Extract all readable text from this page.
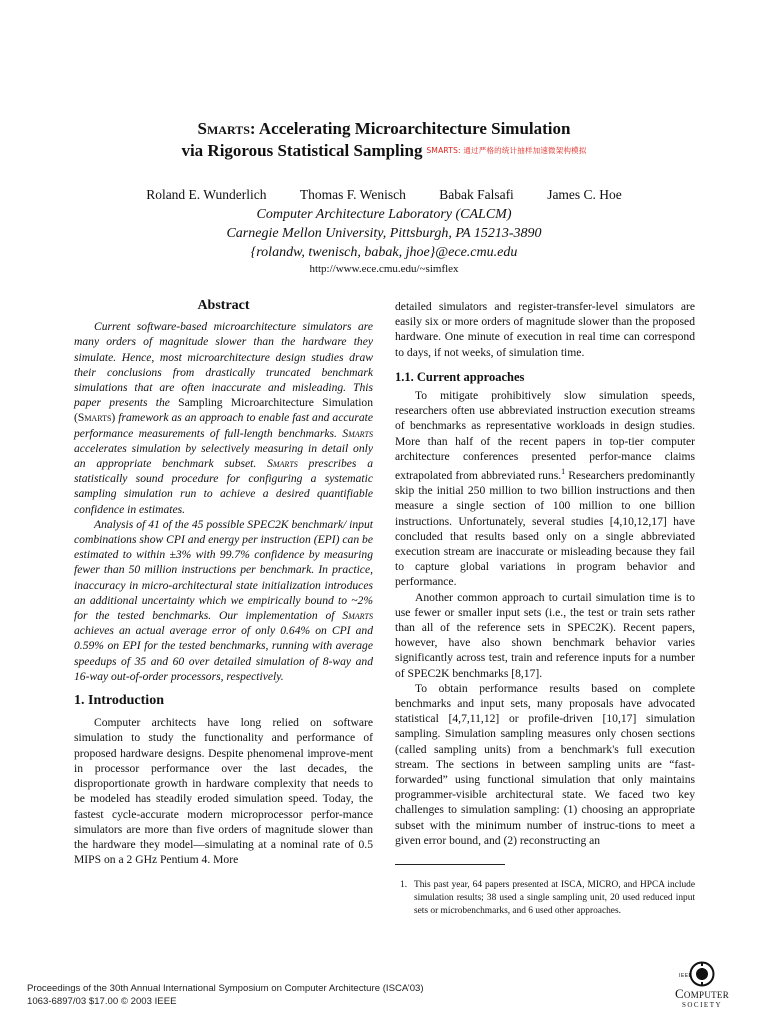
Smarts: Accelerating Microarchitecture Simulation
via Rigorous Statistical Sampling SMARTS: 通过严格的统计抽样加速微架构模拟
Roland E. Wunderlich Thomas F. Wenisch Babak Falsafi James C. Hoe
Computer Architecture Laboratory (CALCM)
Carnegie Mellon University, Pittsburgh, PA 15213-3890
{rolandw, twenisch, babak, jhoe}@ece.cmu.edu
http://www.ece.cmu.edu/~simflex
Abstract

Current software-based microarchitecture simulators are many orders of magnitude slower than the hardware they simulate. Hence, most microarchitecture design studies draw their conclusions from drastically truncated benchmark simulations that are often inaccurate and misleading. This paper presents the Sampling Microarchitecture Simulation (Smarts) framework as an approach to enable fast and accurate performance measurements of full-length benchmarks. Smarts accelerates simulation by selectively measuring in detail only an appropriate benchmark subset. Smarts prescribes a statistically sound procedure for configuring a systematic sampling simulation run to achieve a desired quantifiable confidence in estimates.

Analysis of 41 of the 45 possible SPEC2K benchmark/ input combinations show CPI and energy per instruction (EPI) can be estimated to within ±3% with 99.7% confidence by measuring fewer than 50 million instructions per benchmark. In practice, inaccuracy in micro-architectural state initialization introduces an additional uncertainty which we empirically bound to ~2% for the tested benchmarks. Our implementation of Smarts achieves an actual average error of only 0.64% on CPI and 0.59% on EPI for the tested benchmarks, running with average speedups of 35 and 60 over detailed simulation of 8-way and 16-way out-of-order processors, respectively.

1. Introduction

Computer architects have long relied on software simulation to study the functionality and performance of proposed hardware designs. Despite phenomenal improve-ment in processor performance over the last decades, the disproportionate growth in hardware complexity that needs to be modeled has steadily eroded simulation speed. Today, the fastest cycle-accurate modern microprocessor perfor-mance simulators are more than five orders of magnitude slower than the hardware they model—simulating at a nominal rate of 0.5 MIPS on a 2 GHz Pentium 4. More

detailed simulators and register-transfer-level simulators are easily six or more orders of magnitude slower than the proposed hardware. One minute of execution in real time can correspond to days, if not weeks, of simulation time.

1.1. Current approaches

To mitigate prohibitively slow simulation speeds, researchers often use abbreviated instruction execution streams of benchmarks as representative workloads in design studies. More than half of the recent papers in top-tier computer architecture conferences presented perfor-mance claims extrapolated from abbreviated runs.$^1$ Researchers predominantly skip the initial 250 million to two billion instructions and then measure a single section of 100 million to one billion instructions. Unfortunately, several studies [4,10,12,17] have concluded that results based only on a single abbreviated execution stream are inaccurate or misleading because they fail to capture global variations in program behavior and performance.

Another common approach to curtail simulation time is to use fewer or smaller input sets (i.e., the test or train sets rather than all of the reference sets in SPEC2K). Recent papers, however, have also shown benchmark behavior varies significantly across test, train and reference inputs for a number of SPEC2K benchmarks [8,17].

To obtain performance results based on complete benchmarks and input sets, many proposals have advocated statistical [4,7,11,12] or profile-driven [10,17] simulation sampling. Simulation sampling measures only chosen sections (called sampling units) from a benchmark's full execution stream. The sections in between sampling units are “fast-forwarded” using functional simulation that only maintains programmer-visible architectural state. We faced two key challenges to simulation sampling: (1) choosing an appropriate subset with the minimum number of instruc-tions to meet a given error bound, and (2) reconstructing an

1. This past year, 64 papers presented at ISCA, MICRO, and HPCA include simulation results; 38 used a single sampling unit, 20 used reduced input sets or microbenchmarks, and 6 used other approaches.
Proceedings of the 30th Annual International Symposium on Computer Architecture (ISCA’03)
1063-6897/03 $17.00 © 2003 IEEE
IEEE
Computer
society
